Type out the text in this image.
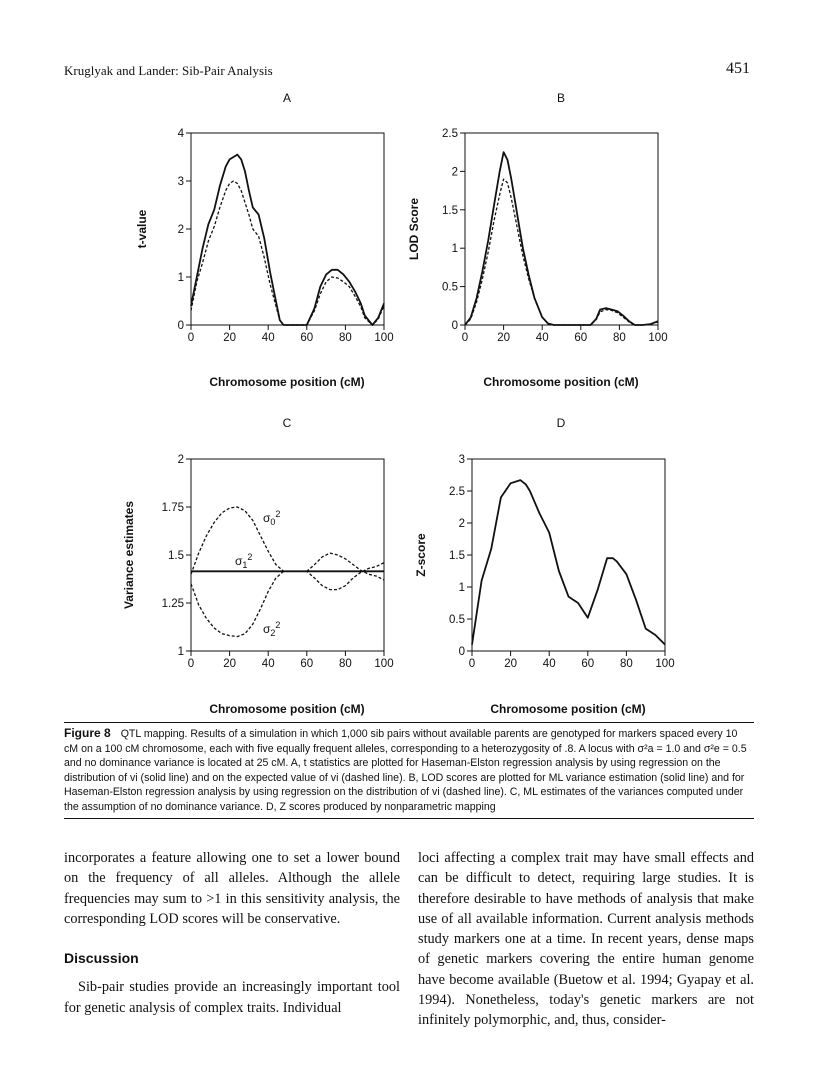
Kruglyak and Lander: Sib-Pair Analysis	451
A
0	20 40 60 80 100
0
1
2
3
4
Chromosome position (cM)
t-value
B
0	20 40 60 80 100
0
0.5
1
1.5
2
2.5
Chromosome position (cM)
LOD Score
C
0	20 40 60 80 100
1
1.25
1.5
1.75
2
Chromosome position (cM)
Variance estimates	$\sigma_0^2$
$\sigma_1^2$
$\sigma_2^2$
D
0	20 40 60 80 100
0
0.5
1
1.5
2
2.5
3
Chromosome position (cM)
Z-score
Figure 8 QTL mapping. Results of a simulation in which 1,000 sib pairs without available parents are genotyped for markers spaced every 10 cM on a 100 cM chromosome, each with five equally frequent alleles, corresponding to a heterozygosity of .8. A locus with σ²a = 1.0 and σ²e = 0.5 and no dominance variance is located at 25 cM. A, t statistics are plotted for Haseman-Elston regression analysis by using regression on the distribution of vi (solid line) and on the expected value of vi (dashed line). B, LOD scores are plotted for ML variance estimation (solid line) and for Haseman-Elston regression analysis by using regression on the distribution of vi (dashed line). C, ML estimates of the variances computed under the assumption of no dominance variance. D, Z scores produced by nonparametric mapping

incorporates a feature allowing one to set a lower bound on the frequency of all alleles. Although the allele frequencies may sum to >1 in this sensitivity analysis, the corresponding LOD scores will be conservative.

Discussion

Sib-pair studies provide an increasingly important tool for genetic analysis of complex traits. Individual

loci affecting a complex trait may have small effects and can be difficult to detect, requiring large studies. It is therefore desirable to have methods of analysis that make use of all available information. Current analysis methods study markers one at a time. In recent years, dense maps of genetic markers covering the entire human genome have become available (Buetow et al. 1994; Gyapay et al. 1994). Nonetheless, today's genetic markers are not infinitely polymorphic, and, thus, consider-
